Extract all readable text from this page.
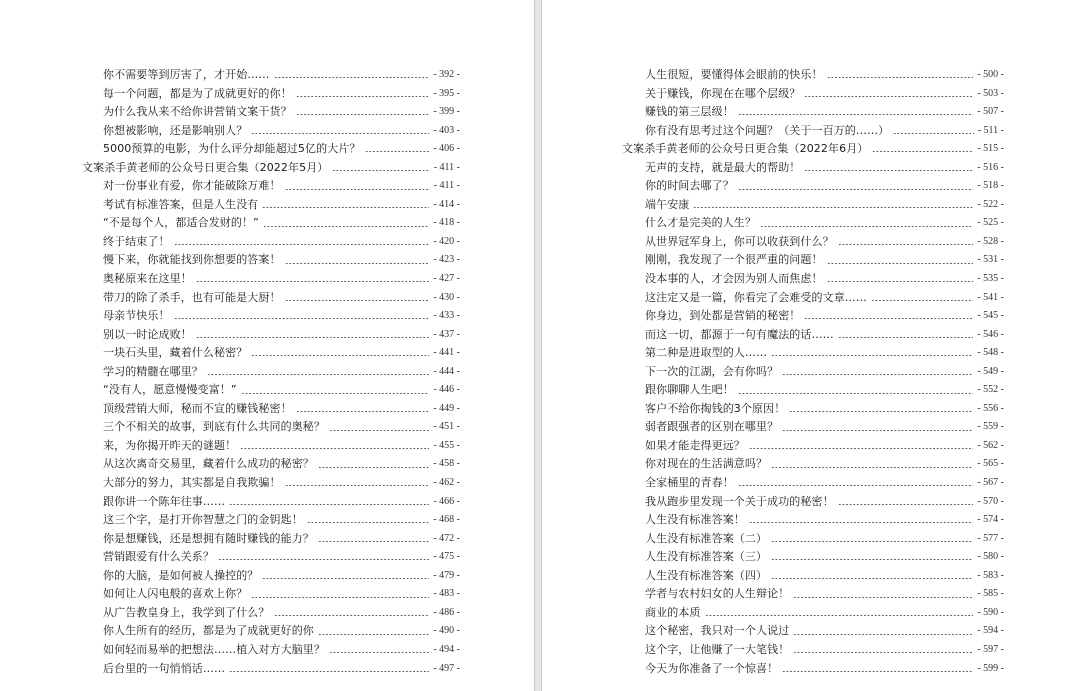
你不需要等到厉害了，才开始……	- 392 -
每一个问题，都是为了成就更好的你！	- 395 -
为什么我从来不给你讲营销文案干货？	- 399 -
你想被影响，还是影响别人？	- 403 -
5000预算的电影，为什么评分却能超过5亿的大片？	- 406 -
文案杀手黄老师的公众号日更合集（2022年5月）	- 411 -
对一份事业有爱，你才能破除万难！	- 411 -
考试有标准答案，但是人生没有	- 414 -
“不是每个人，都适合发财的！”	- 418 -
终于结束了！	- 420 -
慢下来，你就能找到你想要的答案！	- 423 -
奥秘原来在这里！	- 427 -
带刀的除了杀手，也有可能是大厨！	- 430 -
母亲节快乐！	- 433 -
别以一时论成败！	- 437 -
一块石头里，藏着什么秘密？	- 441 -
学习的精髓在哪里？	- 444 -
“没有人，愿意慢慢变富！”	- 446 -
顶级营销大师，秘而不宣的赚钱秘密！	- 449 -
三个不相关的故事，到底有什么共同的奥秘？	- 451 -
来，为你揭开昨天的谜题！	- 455 -
从这次离奇交易里，藏着什么成功的秘密？	- 458 -
大部分的努力，其实都是自我欺骗！	- 462 -
跟你讲一个陈年往事……	- 466 -
这三个字，是打开你智慧之门的金钥匙！	- 468 -
你是想赚钱，还是想拥有随时赚钱的能力？	- 472 -
营销跟爱有什么关系？	- 475 -
你的大脑，是如何被人操控的？	- 479 -
如何让人闪电般的喜欢上你？	- 483 -
从广告教皇身上，我学到了什么？	- 486 -
你人生所有的经历，都是为了成就更好的你	- 490 -
如何轻而易举的把想法……植入对方大脑里？	- 494 -
后台里的一句悄悄话……	- 497 -
人生很短，要懂得体会眼前的快乐！	- 500 -
关于赚钱，你现在在哪个层级？	- 503 -
赚钱的第三层级！	- 507 -
你有没有思考过这个问题？（关于一百万的……）	- 511 -
文案杀手黄老师的公众号日更合集（2022年6月）	- 515 -
无声的支持，就是最大的帮助！	- 516 -
你的时间去哪了？	- 518 -
端午安康	- 522 -
什么才是完美的人生？	- 525 -
从世界冠军身上，你可以收获到什么？	- 528 -
刚刚，我发现了一个很严重的问题！	- 531 -
没本事的人，才会因为别人而焦虑！	- 535 -
这注定又是一篇，你看完了会难受的文章……	- 541 -
你身边，到处都是营销的秘密！	- 545 -
而这一切，都源于一句有魔法的话……	- 546 -
第二种是进取型的人……	- 548 -
下一次的江湖，会有你吗？	- 549 -
跟你聊聊人生吧！	- 552 -
客户不给你掏钱的3个原因！	- 556 -
弱者跟强者的区别在哪里？	- 559 -
如果才能走得更远？	- 562 -
你对现在的生活满意吗？	- 565 -
全家桶里的青春！	- 567 -
我从跑步里发现一个关于成功的秘密！	- 570 -
人生没有标准答案！	- 574 -
人生没有标准答案（二）	- 577 -
人生没有标准答案（三）	- 580 -
人生没有标准答案（四）	- 583 -
学者与农村妇女的人生辩论！	- 585 -
商业的本质	- 590 -
这个秘密，我只对一个人说过	- 594 -
这个字，让他赚了一大笔钱！	- 597 -
今天为你准备了一个惊喜！	- 599 -
